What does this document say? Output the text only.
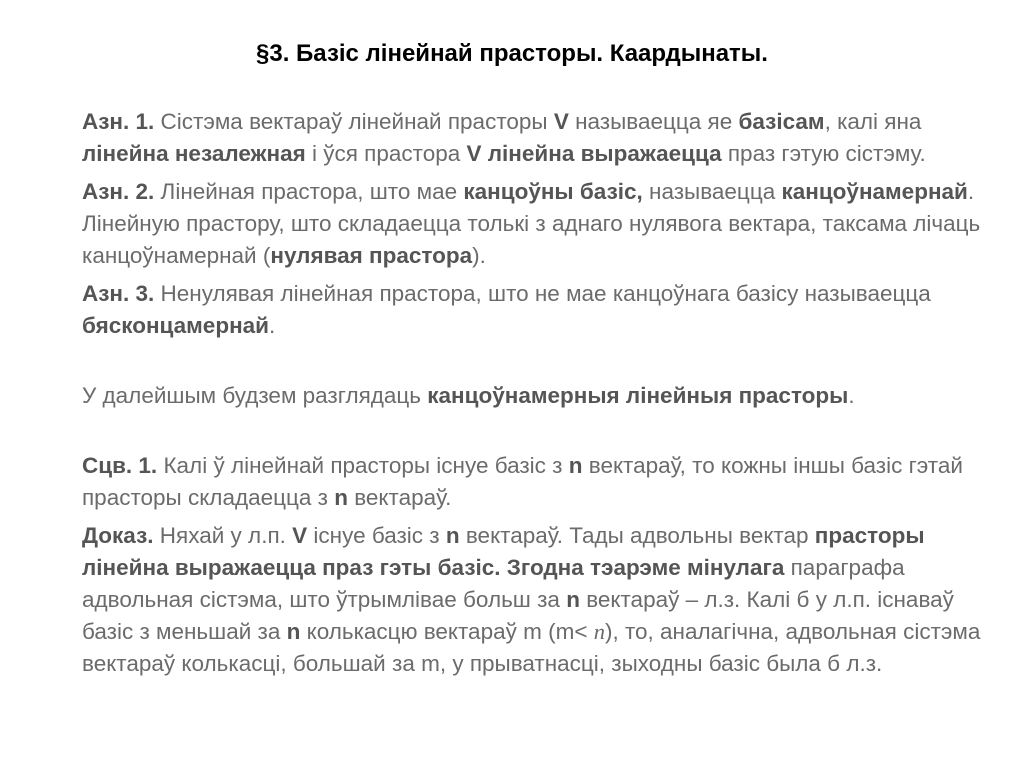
§3. Базіс лінейнай прасторы. Каардынаты.

Азн. 1. Сістэма вектараў лінейнай прасторы V называецца яе базісам, калі яна лінейна незалежная і ўся прастора V лінейна выражаецца праз гэтую сістэму.

Азн. 2. Лінейная прастора, што мае канцоўны базіс, называецца канцоўнамернай. Лінейную прастору, што складаецца толькі з аднаго нулявога вектара, таксама лічаць канцоўнамернай (нулявая прастора).

Азн. 3. Ненулявая лінейная прастора, што не мае канцоўнага базісу называецца бясконцамернай.

У далейшым будзем разглядаць канцоўнамерныя лінейныя прасторы.

Сцв. 1. Калі ў лінейнай прасторы існуе базіс з n вектараў, то кожны іншы базіс гэтай прасторы складаецца з n вектараў.

Доказ. Няхай у л.п. V існуе базіс з n вектараў. Тады адвольны вектар прасторы лінейна выражаецца праз гэты базіс. Згодна тэарэме мінулага параграфа адвольная сістэма, што ўтрымлівае больш за n вектараў – л.з. Калі б у л.п. існаваў базіс з меньшай за n колькасцю вектараў m (m< n), то, аналагічна, адвольная сістэма вектараў колькасці, большай за m, у прыватнасці, зыходны базіс была б л.з.
